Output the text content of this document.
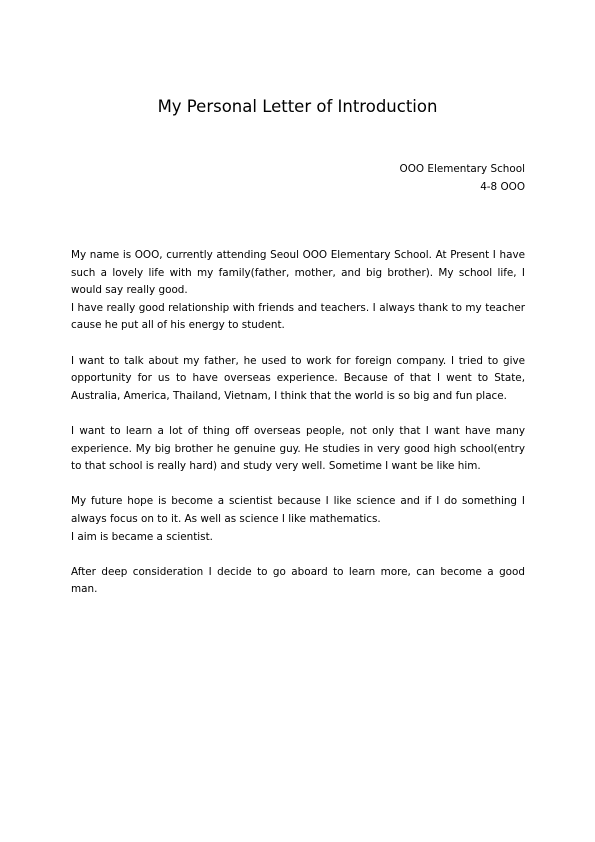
My Personal Letter of Introduction
OOO Elementary School
4-8 OOO
My name is OOO, currently attending Seoul OOO Elementary School. At Present I have such a lovely life with my family(father, mother, and big brother). My school life, I would say really good.
I have really good relationship with friends and teachers. I always thank to my teacher cause he put all of his energy to student.
I want to talk about my father, he used to work for foreign company. I tried to give opportunity for us to have overseas experience. Because of that I went to State, Australia, America, Thailand, Vietnam, I think that the world is so big and fun place.
I want to learn a lot of thing off overseas people, not only that I want have many experience. My big brother he genuine guy. He studies in very good high school(entry to that school is really hard) and study very well. Sometime I want be like him.
My future hope is become a scientist because I like science and if I do something I always focus on to it. As well as science I like mathematics.
I aim is became a scientist.
After deep consideration I decide to go aboard to learn more, can become a good man.
